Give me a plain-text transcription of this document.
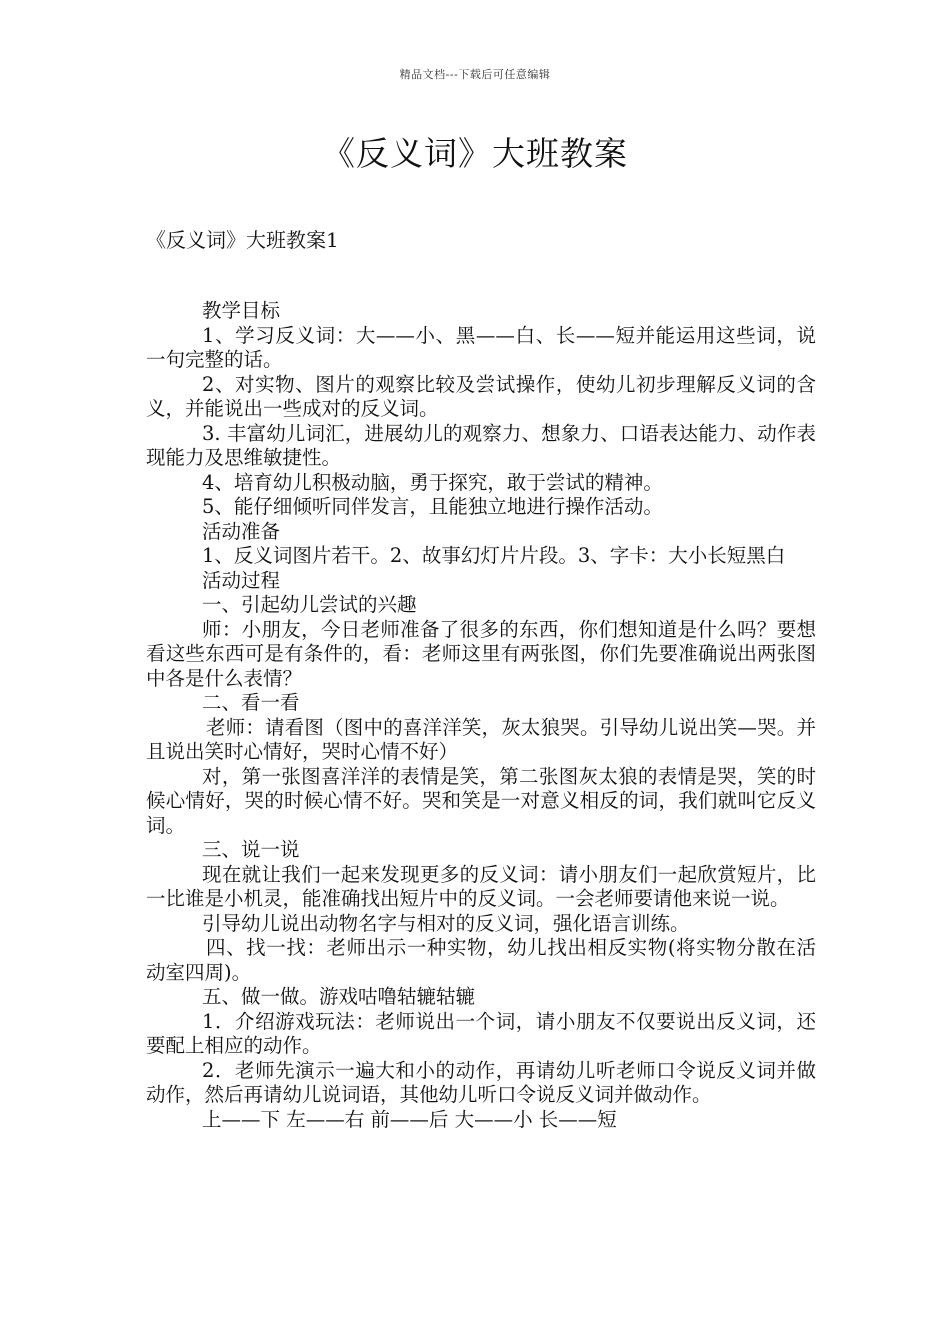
精品文档---下载后可任意编辑
《反义词》大班教案
《反义词》大班教案1

教学目标

1、学习反义词：大——小、黑——白、长——短并能运用这些词，说一句完整的话。

2、对实物、图片的观察比较及尝试操作，使幼儿初步理解反义词的含义，并能说出一些成对的反义词。

3. 丰富幼儿词汇，进展幼儿的观察力、想象力、口语表达能力、动作表现能力及思维敏捷性。

4、培育幼儿积极动脑，勇于探究，敢于尝试的精神。

5、能仔细倾听同伴发言，且能独立地进行操作活动。

活动准备

1、反义词图片若干。2、故事幻灯片片段。3、字卡：大小长短黑白

活动过程

一、引起幼儿尝试的兴趣

师：小朋友，今日老师准备了很多的东西，你们想知道是什么吗？要想看这些东西可是有条件的，看：老师这里有两张图，你们先要准确说出两张图中各是什么表情？

二、看一看

老师：请看图（图中的喜洋洋笑，灰太狼哭。引导幼儿说出笑—哭。并且说出笑时心情好，哭时心情不好）

对，第一张图喜洋洋的表情是笑，第二张图灰太狼的表情是哭，笑的时候心情好，哭的时候心情不好。哭和笑是一对意义相反的词，我们就叫它反义词。

三、说一说

现在就让我们一起来发现更多的反义词：请小朋友们一起欣赏短片，比一比谁是小机灵，能准确找出短片中的反义词。一会老师要请他来说一说。

引导幼儿说出动物名字与相对的反义词，强化语言训练。

四、找一找：老师出示一种实物，幼儿找出相反实物(将实物分散在活动室四周)。

五、做一做。游戏咕噜轱辘轱辘

1．介绍游戏玩法：老师说出一个词，请小朋友不仅要说出反义词，还要配上相应的动作。

2．老师先演示一遍大和小的动作，再请幼儿听老师口令说反义词并做动作，然后再请幼儿说词语，其他幼儿听口令说反义词并做动作。

上——下 左——右 前——后 大——小 长——短
